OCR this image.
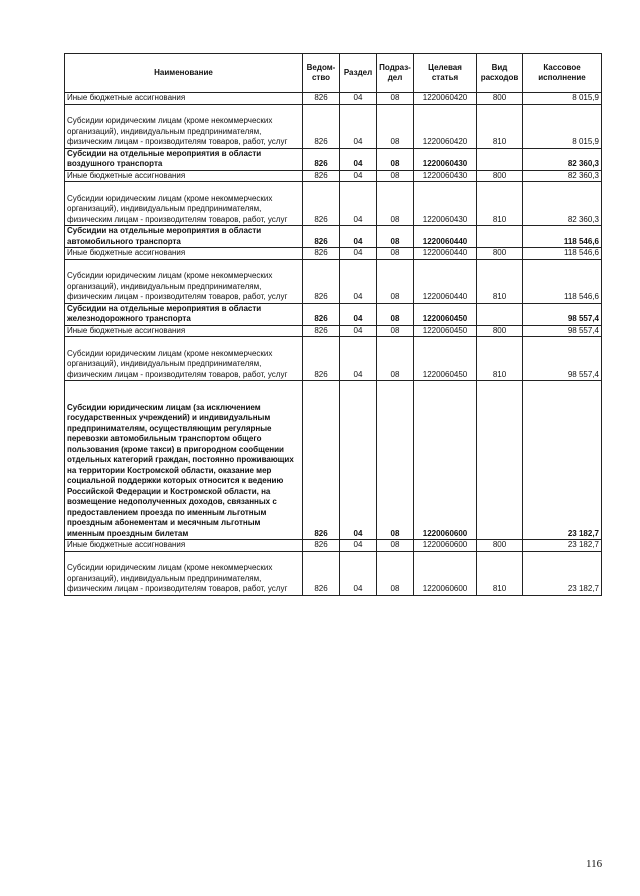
Наименование	Ведом-ство	Раздел	Подраз-дел	Целевая статья	Вид расходов	Кассовое исполнение
Иные бюджетные ассигнования	826	04	08	1220060420	800	8 015,9
Субсидии юридическим лицам (кроме некоммерческих организаций), индивидуальным предпринимателям, физическим лицам - производителям товаров, работ, услуг	826	04	08	1220060420	810	8 015,9
Субсидии на отдельные мероприятия в области воздушного транспорта	826	04	08	1220060430		82 360,3
Иные бюджетные ассигнования	826	04	08	1220060430	800	82 360,3
Субсидии юридическим лицам (кроме некоммерческих организаций), индивидуальным предпринимателям, физическим лицам - производителям товаров, работ, услуг	826	04	08	1220060430	810	82 360,3
Субсидии на отдельные мероприятия в области автомобильного транспорта	826	04	08	1220060440		118 546,6
Иные бюджетные ассигнования	826	04	08	1220060440	800	118 546,6
Субсидии юридическим лицам (кроме некоммерческих организаций), индивидуальным предпринимателям, физическим лицам - производителям товаров, работ, услуг	826	04	08	1220060440	810	118 546,6
Субсидии на отдельные мероприятия в области железнодорожного транспорта	826	04	08	1220060450		98 557,4
Иные бюджетные ассигнования	826	04	08	1220060450	800	98 557,4
Субсидии юридическим лицам (кроме некоммерческих организаций), индивидуальным предпринимателям, физическим лицам - производителям товаров, работ, услуг	826	04	08	1220060450	810	98 557,4
Субсидии юридическим лицам (за исключением государственных учреждений) и индивидуальным предпринимателям, осуществляющим регулярные перевозки автомобильным транспортом общего пользования (кроме такси) в пригородном сообщении отдельных категорий граждан, постоянно проживающих на территории Костромской области, оказание мер социальной поддержки которых относится к ведению Российской Федерации и Костромской области, на возмещение недополученных доходов, связанных с предоставлением проезда по именным льготным проездным абонементам и месячным льготным именным проездным билетам	826	04	08	1220060600		23 182,7
Иные бюджетные ассигнования	826	04	08	1220060600	800	23 182,7
Субсидии юридическим лицам (кроме некоммерческих организаций), индивидуальным предпринимателям, физическим лицам - производителям товаров, работ, услуг	826	04	08	1220060600	810	23 182,7
116
